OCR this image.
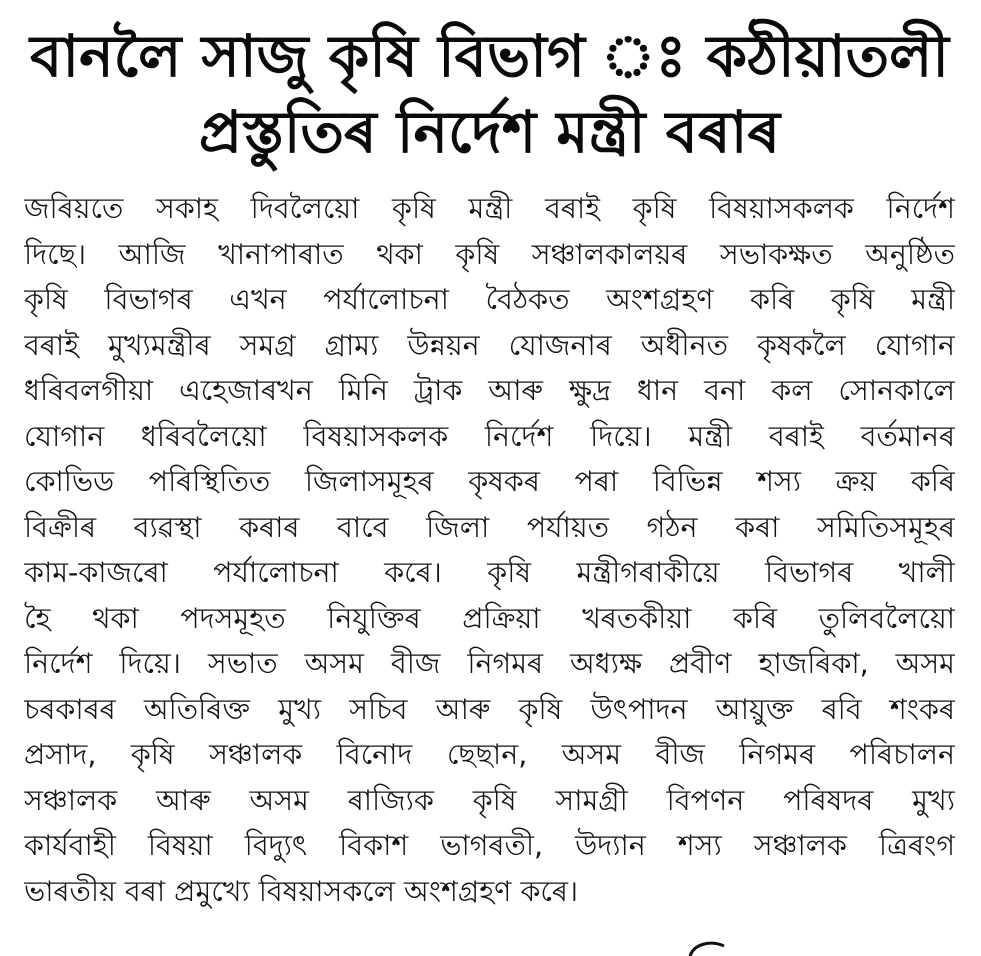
বানলৈ সাজু কৃষি বিভাগ ঃ কঠীয়াতলী
প্ৰস্তুতিৰ নিৰ্দেশ মন্ত্ৰী বৰাৰ
জৰিয়তে সকাহ দিবলৈয়ো কৃষি মন্ত্ৰী বৰাই কৃষি বিষয়াসকলক নিৰ্দেশ
দিছে। আজি খানাপাৰাত থকা কৃষি সঞ্চালকালয়ৰ সভাকক্ষত অনুষ্ঠিত
কৃষি বিভাগৰ এখন পৰ্যালোচনা বৈঠকত অংশগ্ৰহণ কৰি কৃষি মন্ত্ৰী
বৰাই মুখ্যমন্ত্ৰীৰ সমগ্ৰ গ্ৰাম্য উন্নয়ন যোজনাৰ অধীনত কৃষকলৈ যোগান
ধৰিবলগীয়া এহেজাৰখন মিনি ট্ৰাক আৰু ক্ষুদ্ৰ ধান বনা কল সোনকালে
যোগান ধৰিবলৈয়ো বিষয়াসকলক নিৰ্দেশ দিয়ে। মন্ত্ৰী বৰাই বৰ্তমানৰ
কোভিড পৰিস্থিতিত জিলাসমূহৰ কৃষকৰ পৰা বিভিন্ন শস্য ক্ৰয় কৰি
বিক্ৰীৰ ব্যৱস্থা কৰাৰ বাবে জিলা পৰ্যায়ত গঠন কৰা সমিতিসমূহৰ
কাম-কাজৰো পৰ্যালোচনা কৰে। কৃষি মন্ত্ৰীগৰাকীয়ে বিভাগৰ খালী
হৈ থকা পদসমূহত নিযুক্তিৰ প্ৰক্ৰিয়া খৰতকীয়া কৰি তুলিবলৈয়ো
নিৰ্দেশ দিয়ে। সভাত অসম বীজ নিগমৰ অধ্যক্ষ প্ৰবীণ হাজৰিকা, অসম
চৰকাৰৰ অতিৰিক্ত মুখ্য সচিব আৰু কৃষি উৎপাদন আয়ুক্ত ৰবি শংকৰ
প্ৰসাদ, কৃষি সঞ্চালক বিনোদ ছেছান, অসম বীজ নিগমৰ পৰিচালন
সঞ্চালক আৰু অসম ৰাজ্যিক কৃষি সামগ্ৰী বিপণন পৰিষদৰ মুখ্য
কাৰ্যবাহী বিষয়া বিদ্যুৎ বিকাশ ভাগৰতী, উদ্যান শস্য সঞ্চালক ত্ৰিৰংগ
ভাৰতীয় বৰা প্ৰমুখ্যে বিষয়াসকলে অংশগ্ৰহণ কৰে।
